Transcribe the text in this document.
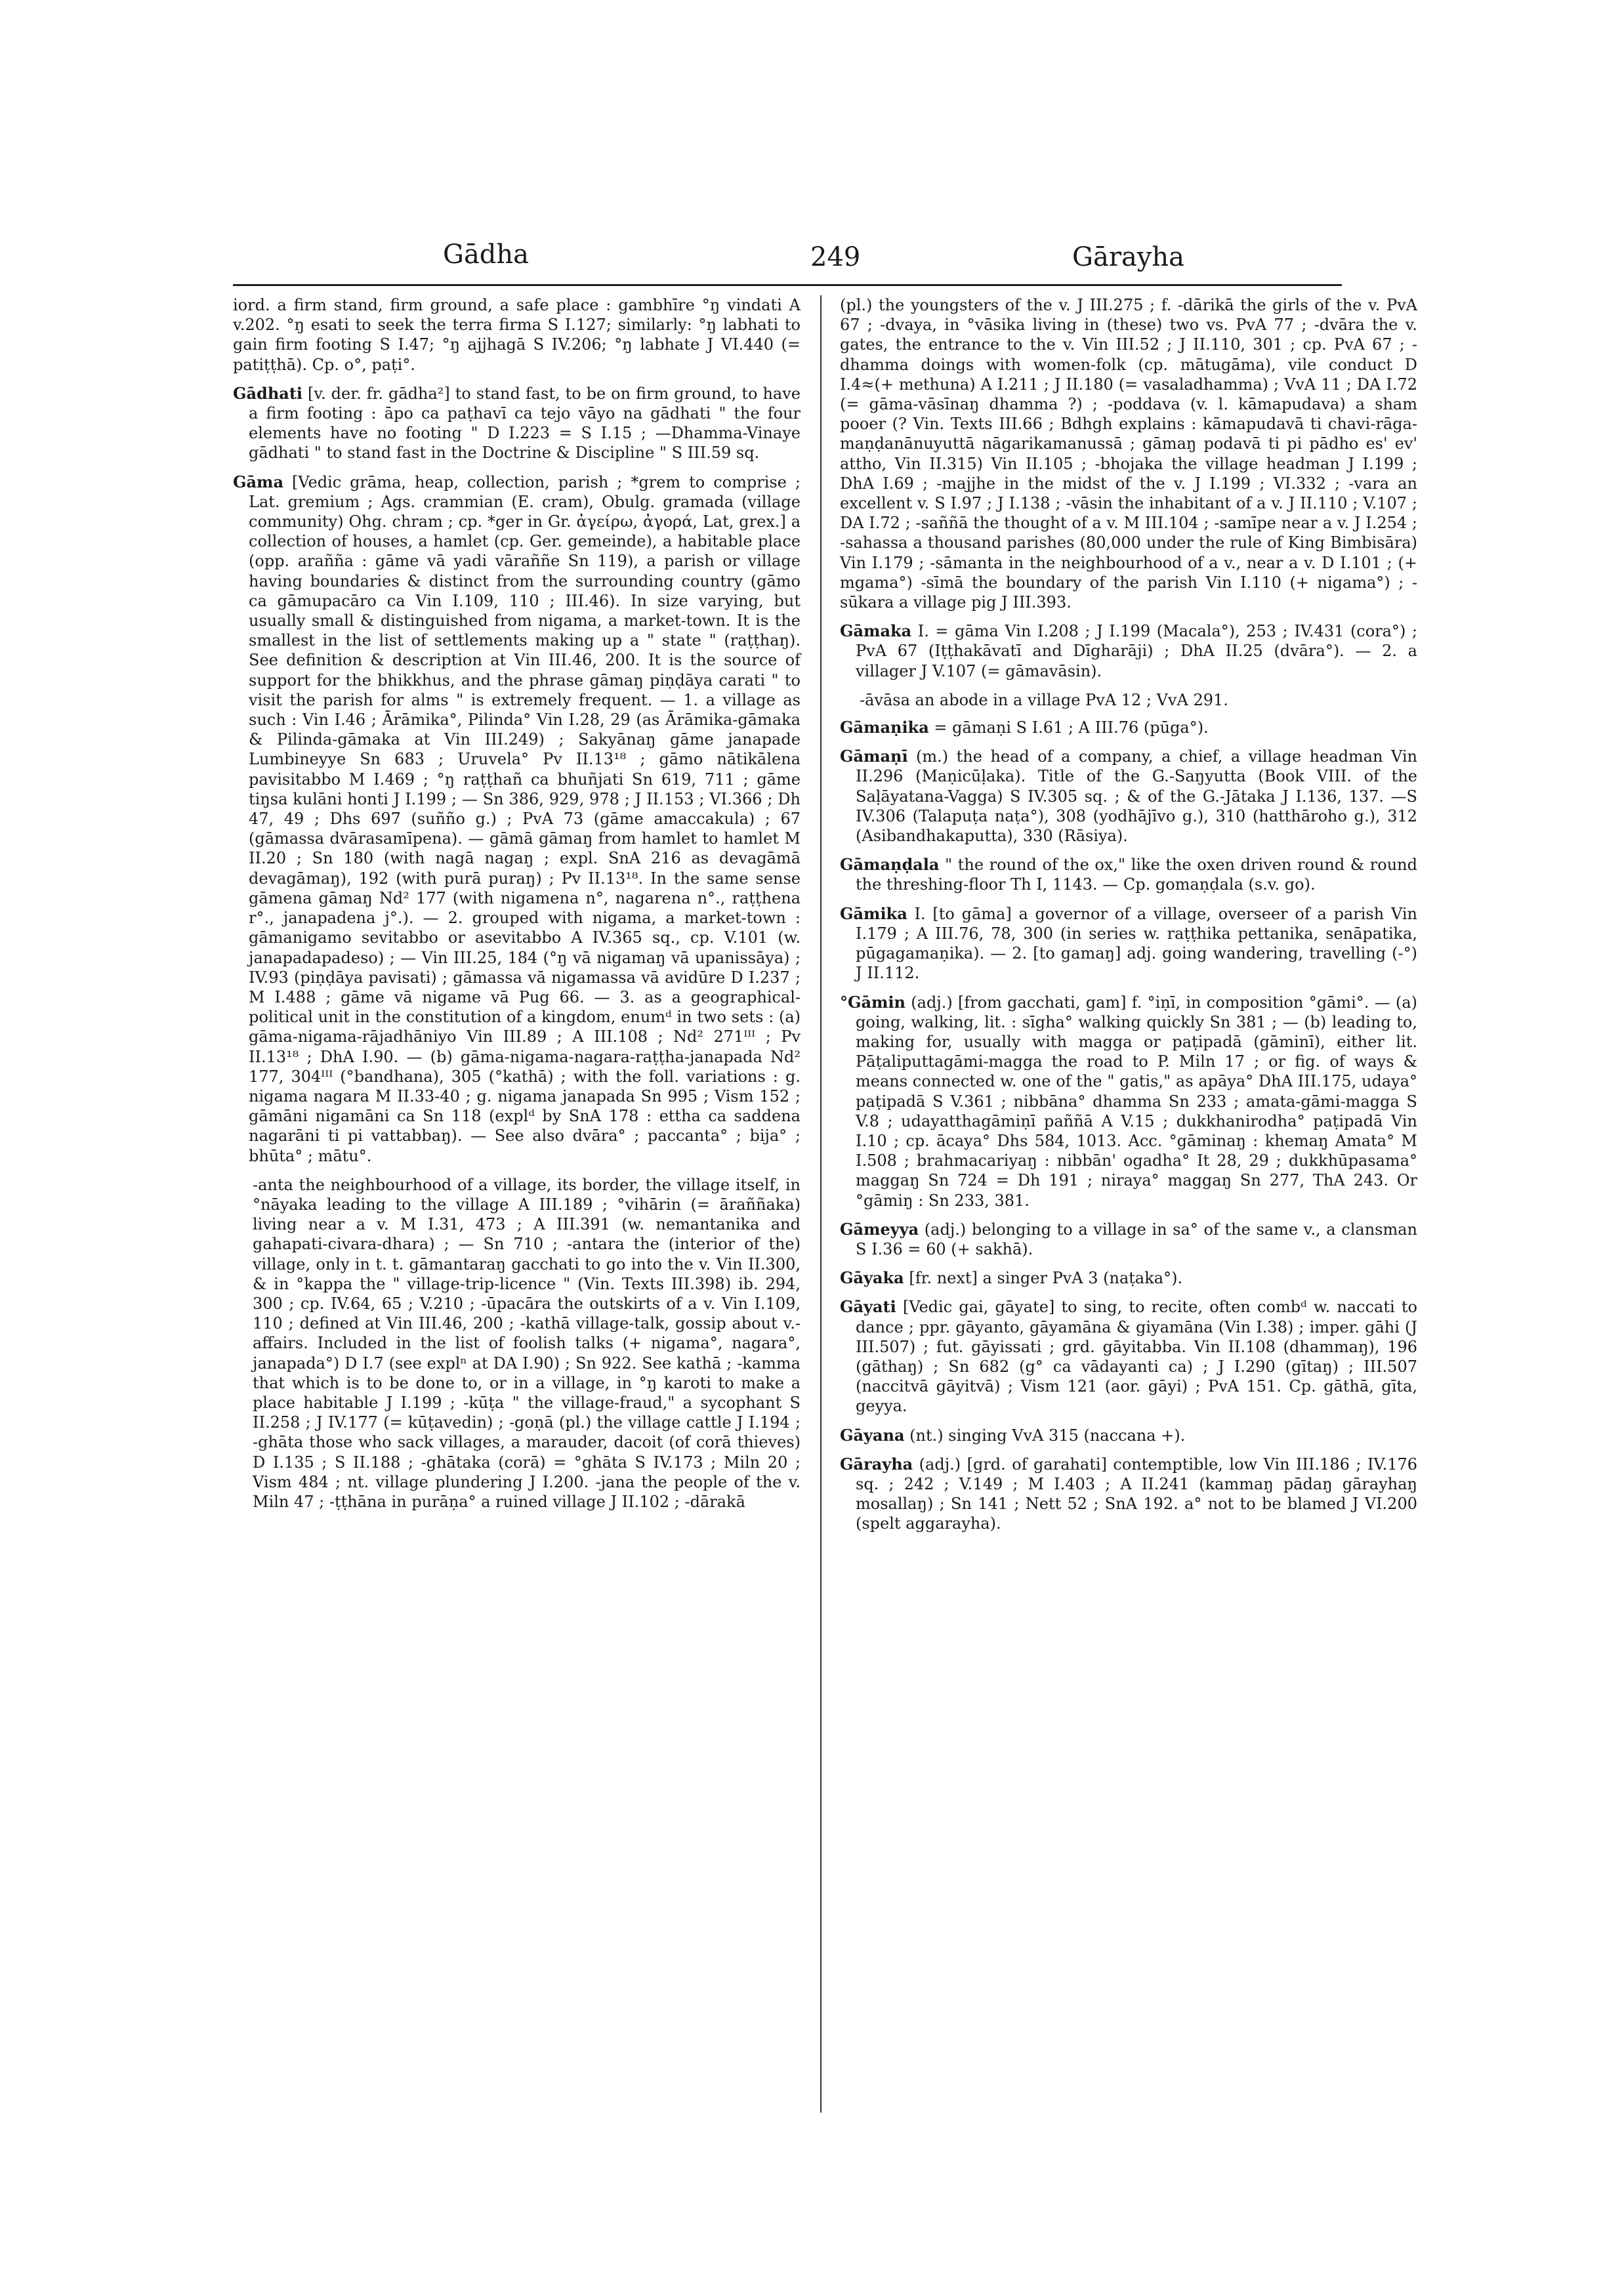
Gādha	249	Gārayha

iord. a firm stand, firm ground, a safe place : gambhīre °ŋ vindati A v.202. °ŋ esati to seek the terra firma S I.127; similarly: °ŋ labhati to gain firm footing S I.47; °ŋ ajjhagā S IV.206; °ŋ labhate J VI.440 (= patiṭṭhā). Cp. o°, paṭi°.

Gādhati [v. der. fr. gādha²] to stand fast, to be on firm ground, to have a firm footing : āpo ca paṭhavī ca tejo vāyo na gādhati " the four elements have no footing " D I.223 = S I.15 ; —Dhamma-Vinaye gādhati " to stand fast in the Doctrine & Discipline " S III.59 sq.

Gāma [Vedic grāma, heap, collection, parish ; *grem to comprise ; Lat. gremium ; Ags. crammian (E. cram), Obulg. gramada (village community) Ohg. chram ; cp. *ger in Gr. ἀγείρω, ἀγορά, Lat, grex.] a collection of houses, a hamlet (cp. Ger. gemeinde), a habitable place (opp. arañña : gāme vā yadi vāraññe Sn 119), a parish or village having boundaries & distinct from the surrounding country (gāmo ca gāmupacāro ca Vin I.109, 110 ; III.46). In size varying, but usually small & distinguished from nigama, a market-town. It is the smallest in the list of settlements making up a " state " (raṭṭhaŋ). See definition & description at Vin III.46, 200. It is the source of support for the bhikkhus, and the phrase gāmaŋ piṇḍāya carati " to visit the parish for alms " is extremely frequent. — 1. a village as such : Vin I.46 ; Ārāmika°, Pilinda° Vin I.28, 29 (as Ārāmika-gāmaka & Pilinda-gāmaka at Vin III.249) ; Sakyānaŋ gāme janapade Lumbineyye Sn 683 ; Uruvela° Pv II.13¹⁸ ; gāmo nātikālena pavisitabbo M I.469 ; °ŋ raṭṭhañ ca bhuñjati Sn 619, 711 ; gāme tiŋsa kulāni honti J I.199 ; — Sn 386, 929, 978 ; J II.153 ; VI.366 ; Dh 47, 49 ; Dhs 697 (suñño g.) ; PvA 73 (gāme amaccakula) ; 67 (gāmassa dvārasamīpena). — gāmā gāmaŋ from hamlet to hamlet M II.20 ; Sn 180 (with nagā nagaŋ ; expl. SnA 216 as devagāmā devagāmaŋ), 192 (with purā puraŋ) ; Pv II.13¹⁸. In the same sense gāmena gāmaŋ Nd² 177 (with nigamena n°, nagarena n°., raṭṭhena r°., janapadena j°.). — 2. grouped with nigama, a market-town : gāmanigamo sevitabbo or asevitabbo A IV.365 sq., cp. V.101 (w. janapadapadeso) ; — Vin III.25, 184 (°ŋ vā nigamaŋ vā upanissāya) ; IV.93 (piṇḍāya pavisati) ; gāmassa vā nigamassa vā avidūre D I.237 ; M I.488 ; gāme vā nigame vā Pug 66. — 3. as a geographical-political unit in the constitution of a kingdom, enumᵈ in two sets : (a) gāma-nigama-rājadhāniyo Vin III.89 ; A III.108 ; Nd² 271ᴵᴵᴵ ; Pv II.13¹⁸ ; DhA I.90. — (b) gāma-nigama-nagara-raṭṭha-janapada Nd² 177, 304ᴵᴵᴵ (°bandhana), 305 (°kathā) ; with the foll. variations : g. nigama nagara M II.33-40 ; g. nigama janapada Sn 995 ; Vism 152 ; gāmāni nigamāni ca Sn 118 (explᵈ by SnA 178 : ettha ca saddena nagarāni ti pi vattabbaŋ). — See also dvāra° ; paccanta° ; bija° ; bhūta° ; mātu°.

-anta the neighbourhood of a village, its border, the village itself, in °nāyaka leading to the village A III.189 ; °vihārin (= āraññaka) living near a v. M I.31, 473 ; A III.391 (w. nemantanika and gahapati-civara-dhara) ; — Sn 710 ; -antara the (interior of the) village, only in t. t. gāmantaraŋ gacchati to go into the v. Vin II.300, & in °kappa the " village-trip-licence " (Vin. Texts III.398) ib. 294, 300 ; cp. IV.64, 65 ; V.210 ; -ūpacāra the outskirts of a v. Vin I.109, 110 ; defined at Vin III.46, 200 ; -kathā village-talk, gossip about v.-affairs. Included in the list of foolish talks (+ nigama°, nagara°, janapada°) D I.7 (see explⁿ at DA I.90) ; Sn 922. See kathā ; -kamma that which is to be done to, or in a village, in °ŋ karoti to make a place habitable J I.199 ; -kūṭa " the village-fraud," a sycophant S II.258 ; J IV.177 (= kūṭavedin) ; -goṇā (pl.) the village cattle J I.194 ; -ghāta those who sack villages, a marauder, dacoit (of corā thieves) D I.135 ; S II.188 ; -ghātaka (corā) = °ghāta S IV.173 ; Miln 20 ; Vism 484 ; nt. village plundering J I.200. -jana the people of the v. Miln 47 ; -ṭṭhāna in purāṇa° a ruined village J II.102 ; -dārakā

(pl.) the youngsters of the v. J III.275 ; f. -dārikā the girls of the v. PvA 67 ; -dvaya, in °vāsika living in (these) two vs. PvA 77 ; -dvāra the v. gates, the entrance to the v. Vin III.52 ; J II.110, 301 ; cp. PvA 67 ; -dhamma doings with women-folk (cp. mātugāma), vile conduct D I.4≈(+ methuna) A I.211 ; J II.180 (= vasaladhamma) ; VvA 11 ; DA I.72 (= gāma-vāsīnaŋ dhamma ?) ; -poddava (v. l. kāmapudava) a sham pooer (? Vin. Texts III.66 ; Bdhgh explains : kāmapudavā ti chavi-rāga-maṇḍanānuyuttā nāgarikamanussā ; gāmaŋ podavā ti pi pādho es' ev' attho, Vin II.315) Vin II.105 ; -bhojaka the village headman J I.199 ; DhA I.69 ; -majjhe in the midst of the v. J I.199 ; VI.332 ; -vara an excellent v. S I.97 ; J I.138 ; -vāsin the inhabitant of a v. J II.110 ; V.107 ; DA I.72 ; -saññā the thought of a v. M III.104 ; -samīpe near a v. J I.254 ; -sahassa a thousand parishes (80,000 under the rule of King Bimbisāra) Vin I.179 ; -sāmanta in the neighbourhood of a v., near a v. D I.101 ; (+ mgama°) -sīmā the boundary of the parish Vin I.110 (+ nigama°) ; -sūkara a village pig J III.393.

Gāmaka I. = gāma Vin I.208 ; J I.199 (Macala°), 253 ; IV.431 (cora°) ; PvA 67 (Iṭṭhakāvatī and Dīgharāji) ; DhA II.25 (dvāra°). — 2. a villager J V.107 (= gāmavāsin).

-āvāsa an abode in a village PvA 12 ; VvA 291.

Gāmaṇika = gāmaṇi S I.61 ; A III.76 (pūga°).

Gāmaṇī (m.) the head of a company, a chief, a village headman Vin II.296 (Maṇicūḷaka). Title of the G.-Saŋyutta (Book VIII. of the Saḷāyatana-Vagga) S IV.305 sq. ; & of the G.-Jātaka J I.136, 137. —S IV.306 (Talapuṭa naṭa°), 308 (yodhājīvo g.), 310 (hatthāroho g.), 312 (Asibandhakaputta), 330 (Rāsiya).

Gāmaṇḍala " the round of the ox," like the oxen driven round & round the threshing-floor Th I, 1143. — Cp. gomaṇḍala (s.v. go).

Gāmika I. [to gāma] a governor of a village, overseer of a parish Vin I.179 ; A III.76, 78, 300 (in series w. raṭṭhika pettanika, senāpatika, pūgagamaṇika). — 2. [to gamaŋ] adj. going wandering, travelling (-°) J II.112.

°Gāmin (adj.) [from gacchati, gam] f. °iṇī, in composition °gāmi°. — (a) going, walking, lit. : sīgha° walking quickly Sn 381 ; — (b) leading to, making for, usually with magga or paṭipadā (gāminī), either lit. Pāṭaliputtagāmi-magga the road to P. Miln 17 ; or fig. of ways & means connected w. one of the " gatis," as apāya° DhA III.175, udaya° paṭipadā S V.361 ; nibbāna° dhamma Sn 233 ; amata-gāmi-magga S V.8 ; udayatthagāmiṇī paññā A V.15 ; dukkhanirodha° paṭipadā Vin I.10 ; cp. ācaya° Dhs 584, 1013. Acc. °gāminaŋ : khemaŋ Amata° M I.508 ; brahmacariyaŋ : nibbān' ogadha° It 28, 29 ; dukkhūpasama° maggaŋ Sn 724 = Dh 191 ; niraya° maggaŋ Sn 277, ThA 243. Or °gāmiŋ : Sn 233, 381.

Gāmeyya (adj.) belonging to a village in sa° of the same v., a clansman S I.36 = 60 (+ sakhā).

Gāyaka [fr. next] a singer PvA 3 (naṭaka°).

Gāyati [Vedic gai, gāyate] to sing, to recite, often combᵈ w. naccati to dance ; ppr. gāyanto, gāyamāna & giyamāna (Vin I.38) ; imper. gāhi (J III.507) ; fut. gāyissati ; grd. gāyitabba. Vin II.108 (dhammaŋ), 196 (gāthaŋ) ; Sn 682 (g° ca vādayanti ca) ; J I.290 (gītaŋ) ; III.507 (naccitvā gāyitvā) ; Vism 121 (aor. gāyi) ; PvA 151. Cp. gāthā, gīta, geyya.

Gāyana (nt.) singing VvA 315 (naccana +).

Gārayha (adj.) [grd. of garahati] contemptible, low Vin III.186 ; IV.176 sq. ; 242 ; V.149 ; M I.403 ; A II.241 (kammaŋ pādaŋ gārayhaŋ mosallaŋ) ; Sn 141 ; Nett 52 ; SnA 192. a° not to be blamed J VI.200 (spelt aggarayha).
